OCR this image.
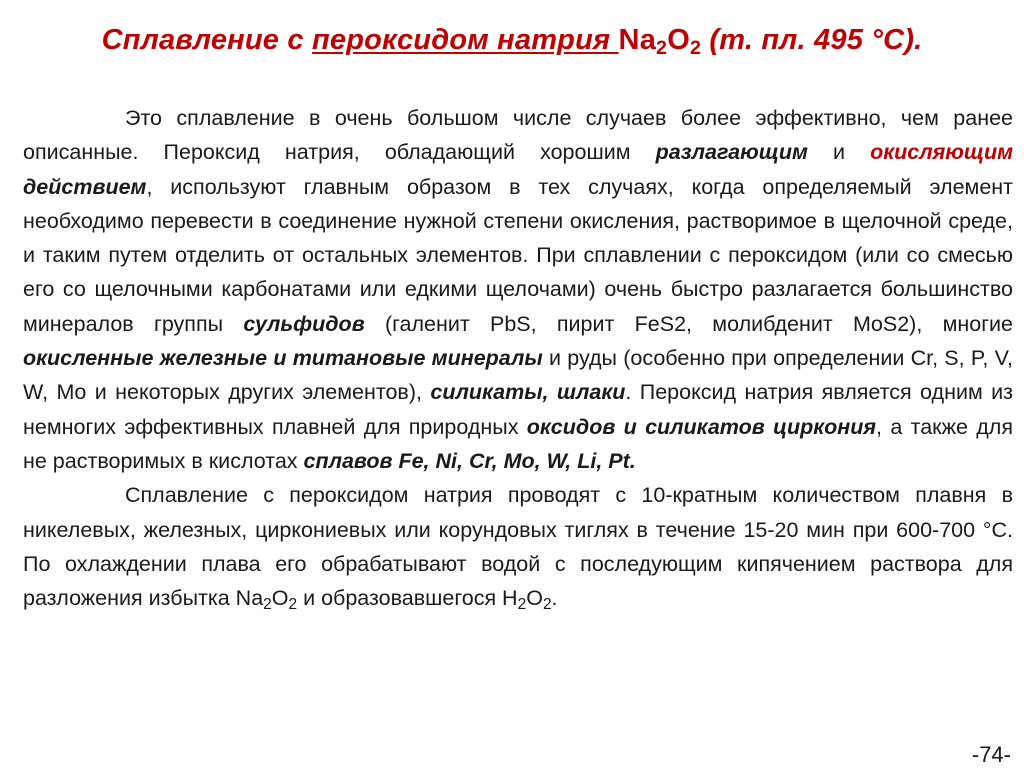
Сплавление с пероксидом натрия $Na_2O_2$ (т. пл. 495 °С).

Это сплавление в очень большом числе случаев более эффективно, чем ранее описанные. Пероксид натрия, обладающий хорошим разлагающим и окисляющим действием, используют главным образом в тех случаях, когда определяемый элемент необходимо перевести в соединение нужной степени окисления, растворимое в щелочной среде, и таким путем отделить от остальных элементов. При сплавлении с пероксидом (или со смесью его со щелочными карбонатами или едкими щелочами) очень быстро разлагается большинство минералов группы сульфидов (галенит PbS, пирит FeS2, молибденит MoS2), многие окисленные железные и титановые минералы и руды (особенно при определении Cr, S, P, V, W, Mo и некоторых других элементов), силикаты, шлаки. Пероксид натрия является одним из немногих эффективных плавней для природных оксидов и силикатов циркония, а также для не растворимых в кислотах сплавов Fe, Ni, Cr, Mo, W, Li, Pt.

Сплавление с пероксидом натрия проводят с 10-кратным количеством плавня в никелевых, железных, циркониевых или корундовых тиглях в течение 15-20 мин при 600-700 °С. По охлаждении плава его обрабатывают водой с последующим кипячением раствора для разложения избытка $Na_2O_2$ и образовавшегося $H_2O_2$.

-74-
